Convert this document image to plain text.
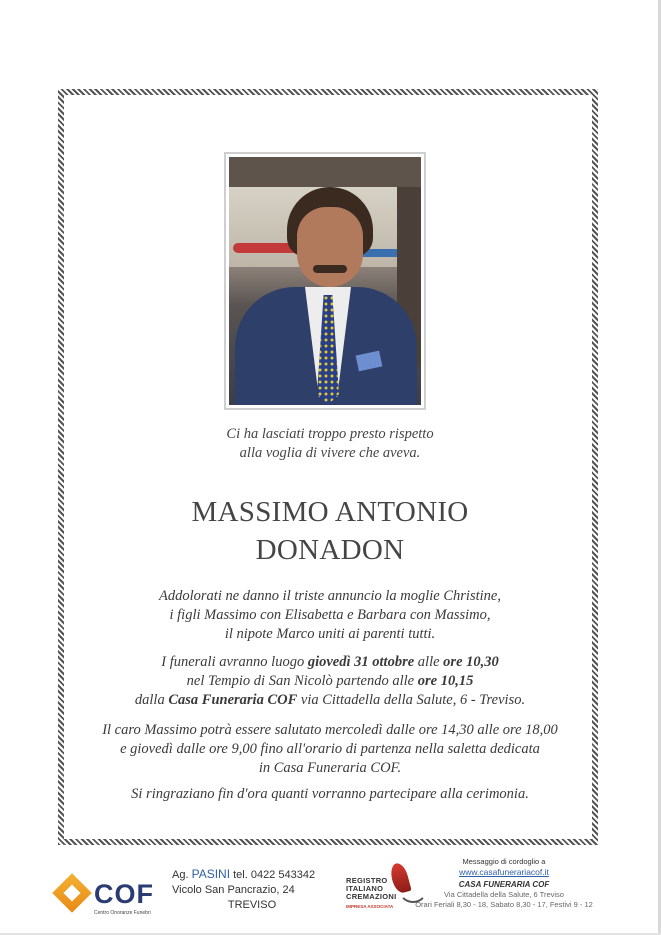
Ci ha lasciati troppo presto rispetto
alla voglia di vivere che aveva.
MASSIMO ANTONIO
DONADON
Addolorati ne danno il triste annuncio la moglie Christine,
i figli Massimo con Elisabetta e Barbara con Massimo,
il nipote Marco uniti ai parenti tutti.
I funerali avranno luogo giovedì 31 ottobre alle ore 10,30
nel Tempio di San Nicolò partendo alle ore 10,15
dalla Casa Funeraria COF via Cittadella della Salute, 6 - Treviso.
Il caro Massimo potrà essere salutato mercoledì dalle ore 14,30 alle ore 18,00
e giovedì dalle ore 9,00 fino all'orario di partenza nella saletta dedicata
in Casa Funeraria COF.
Si ringraziano fin d'ora quanti vorranno partecipare alla cerimonia.
COF
Centro Onoranze Funebri
Ag. PASINI tel. 0422 543342
Vicolo San Pancrazio, 24
TREVISO
REGISTRO
ITALIANO
CREMAZIONI
IMPRESA ASSOCIATA
Messaggio di cordoglio a
www.casafunerariacof.it
CASA FUNERARIA COF
Via Cittadella della Salute, 6 Treviso
Orari Feriali 8,30 - 18, Sabato 8,30 - 17, Festivi 9 - 12
